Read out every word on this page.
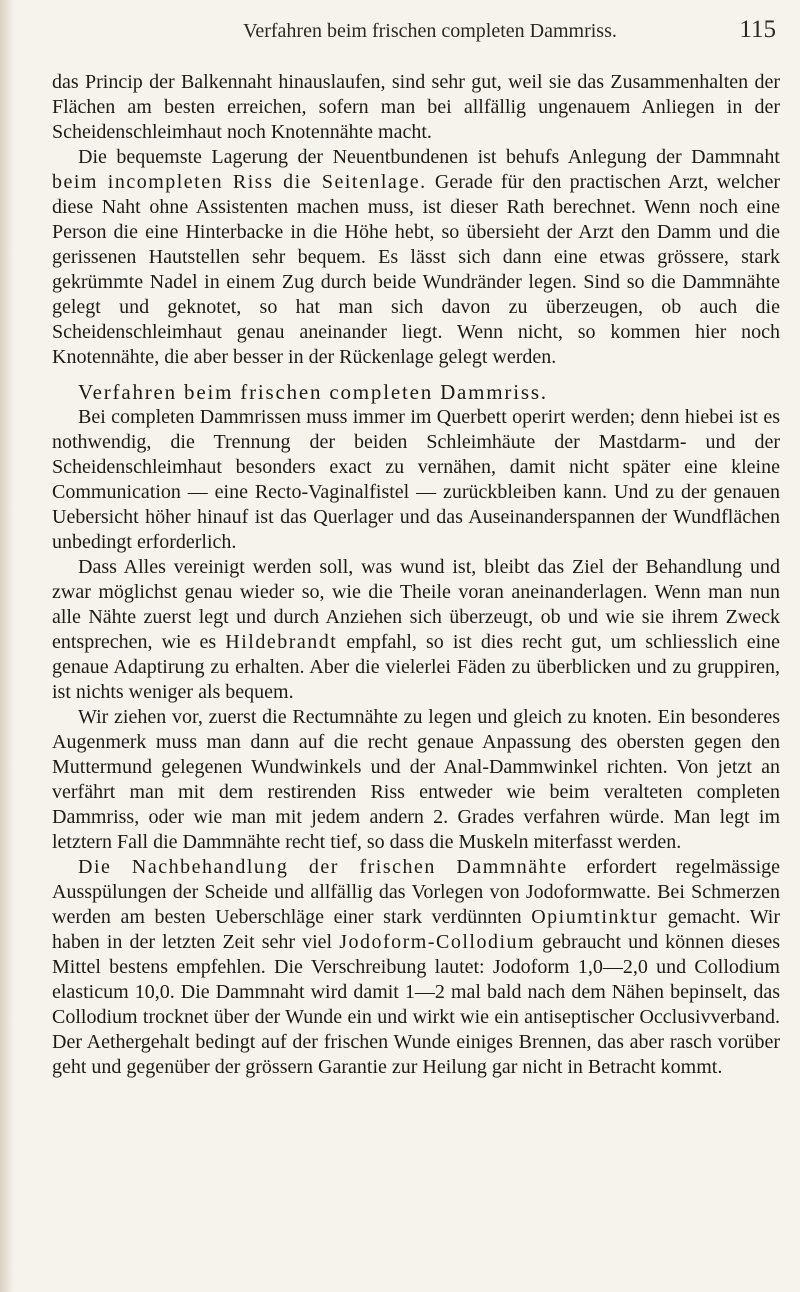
Verfahren beim frischen completen Dammriss.	115

das Princip der Balkennaht hinauslaufen, sind sehr gut, weil sie das Zusammenhalten der Flächen am besten erreichen, sofern man bei allfällig ungenauem Anliegen in der Scheidenschleimhaut noch Knotennähte macht.

Die bequemste Lagerung der Neuentbundenen ist behufs Anlegung der Dammnaht beim incompleten Riss die Seitenlage. Gerade für den practischen Arzt, welcher diese Naht ohne Assistenten machen muss, ist dieser Rath berechnet. Wenn noch eine Person die eine Hinterbacke in die Höhe hebt, so übersieht der Arzt den Damm und die gerissenen Hautstellen sehr bequem. Es lässt sich dann eine etwas grössere, stark gekrümmte Nadel in einem Zug durch beide Wundränder legen. Sind so die Dammnähte gelegt und geknotet, so hat man sich davon zu überzeugen, ob auch die Scheidenschleimhaut genau aneinander liegt. Wenn nicht, so kommen hier noch Knotennähte, die aber besser in der Rückenlage gelegt werden.

Verfahren beim frischen completen Dammriss.

Bei completen Dammrissen muss immer im Querbett operirt werden; denn hiebei ist es nothwendig, die Trennung der beiden Schleimhäute der Mastdarm- und der Scheidenschleimhaut besonders exact zu vernähen, damit nicht später eine kleine Communication — eine Recto-Vaginalfistel — zurückbleiben kann. Und zu der genauen Uebersicht höher hinauf ist das Querlager und das Auseinanderspannen der Wundflächen unbedingt erforderlich.

Dass Alles vereinigt werden soll, was wund ist, bleibt das Ziel der Behandlung und zwar möglichst genau wieder so, wie die Theile voran aneinanderlagen. Wenn man nun alle Nähte zuerst legt und durch Anziehen sich überzeugt, ob und wie sie ihrem Zweck entsprechen, wie es Hildebrandt empfahl, so ist dies recht gut, um schliesslich eine genaue Adaptirung zu erhalten. Aber die vielerlei Fäden zu überblicken und zu gruppiren, ist nichts weniger als bequem.

Wir ziehen vor, zuerst die Rectumnähte zu legen und gleich zu knoten. Ein besonderes Augenmerk muss man dann auf die recht genaue Anpassung des obersten gegen den Muttermund gelegenen Wundwinkels und der Anal-Dammwinkel richten. Von jetzt an verfährt man mit dem restirenden Riss entweder wie beim veralteten completen Dammriss, oder wie man mit jedem andern 2. Grades verfahren würde. Man legt im letztern Fall die Dammnähte recht tief, so dass die Muskeln miterfasst werden.

Die Nachbehandlung der frischen Dammnähte erfordert regelmässige Ausspülungen der Scheide und allfällig das Vorlegen von Jodoformwatte. Bei Schmerzen werden am besten Ueberschläge einer stark verdünnten Opiumtinktur gemacht. Wir haben in der letzten Zeit sehr viel Jodoform-Collodium gebraucht und können dieses Mittel bestens empfehlen. Die Verschreibung lautet: Jodoform 1,0—2,0 und Collodium elasticum 10,0. Die Dammnaht wird damit 1—2 mal bald nach dem Nähen bepinselt, das Collodium trocknet über der Wunde ein und wirkt wie ein antiseptischer Occlusivverband. Der Aethergehalt bedingt auf der frischen Wunde einiges Brennen, das aber rasch vorüber geht und gegenüber der grössern Garantie zur Heilung gar nicht in Betracht kommt.
